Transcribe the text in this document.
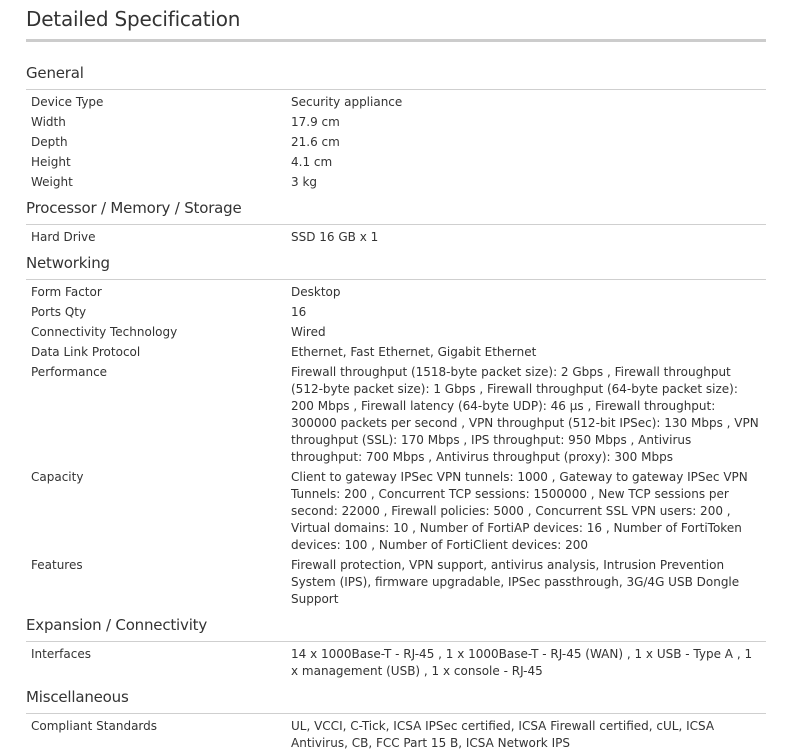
Detailed Specification
General
Device Type	Security appliance
Width	17.9 cm
Depth	21.6 cm
Height	4.1 cm
Weight	3 kg
Processor / Memory / Storage
Hard Drive	SSD 16 GB x 1
Networking
Form Factor	Desktop
Ports Qty	16
Connectivity Technology	Wired
Data Link Protocol	Ethernet, Fast Ethernet, Gigabit Ethernet
Performance	Firewall throughput (1518-byte packet size): 2 Gbps , Firewall throughput (512-byte packet size): 1 Gbps , Firewall throughput (64-byte packet size): 200 Mbps , Firewall latency (64-byte UDP): 46 µs , Firewall throughput: 300000 packets per second , VPN throughput (512-bit IPSec): 130 Mbps , VPN throughput (SSL): 170 Mbps , IPS throughput: 950 Mbps , Antivirus throughput: 700 Mbps , Antivirus throughput (proxy): 300 Mbps
Capacity	Client to gateway IPSec VPN tunnels: 1000 , Gateway to gateway IPSec VPN Tunnels: 200 , Concurrent TCP sessions: 1500000 , New TCP sessions per second: 22000 , Firewall policies: 5000 , Concurrent SSL VPN users: 200 , Virtual domains: 10 , Number of FortiAP devices: 16 , Number of FortiToken devices: 100 , Number of FortiClient devices: 200
Features	Firewall protection, VPN support, antivirus analysis, Intrusion Prevention System (IPS), firmware upgradable, IPSec passthrough, 3G/4G USB Dongle Support
Expansion / Connectivity
Interfaces	14 x 1000Base-T - RJ-45 , 1 x 1000Base-T - RJ-45 (WAN) , 1 x USB - Type A , 1 x management (USB) , 1 x console - RJ-45
Miscellaneous
Compliant Standards	UL, VCCI, C-Tick, ICSA IPSec certified, ICSA Firewall certified, cUL, ICSA Antivirus, CB, FCC Part 15 B, ICSA Network IPS
